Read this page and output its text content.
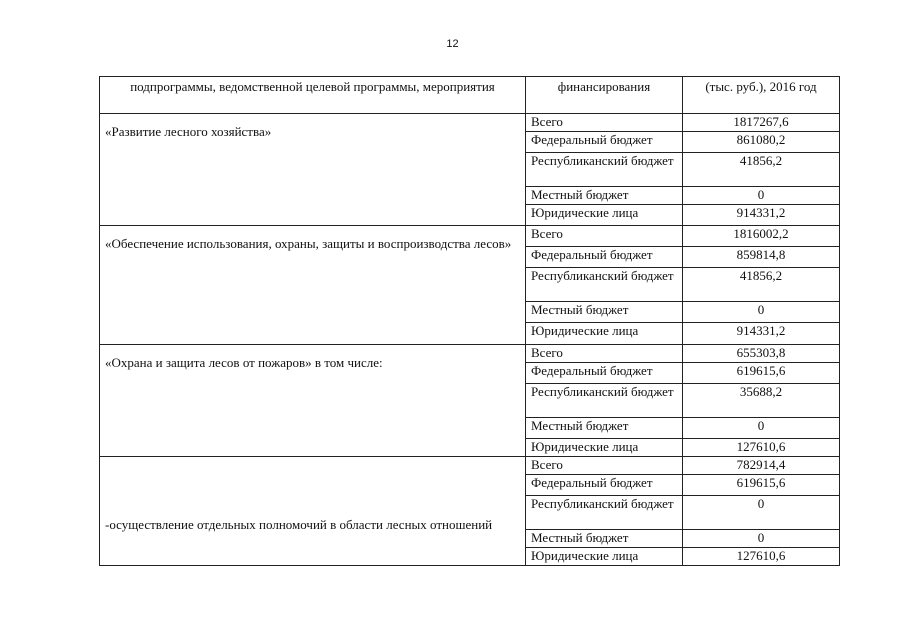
12
подпрограммы, ведомственной целевой программы, мероприятия	финансирования	(тыс. руб.), 2016 год
«Развитие лесного хозяйства»	Всего	1817267,6
	Федеральный бюджет	861080,2
	Республиканский бюджет	41856,2
	Местный бюджет	0
	Юридические лица	914331,2
«Обеспечение использования, охраны, защиты и воспроизводства лесов»	Всего	1816002,2
	Федеральный бюджет	859814,8
	Республиканский бюджет	41856,2
	Местный бюджет	0
	Юридические лица	914331,2
«Охрана и защита лесов от пожаров» в том числе:	Всего	655303,8
	Федеральный бюджет	619615,6
	Республиканский бюджет	35688,2
	Местный бюджет	0
	Юридические лица	127610,6
-осуществление отдельных полномочий в области лесных отношений	Всего	782914,4
	Федеральный бюджет	619615,6
	Республиканский бюджет	0
	Местный бюджет	0
	Юридические лица	127610,6
